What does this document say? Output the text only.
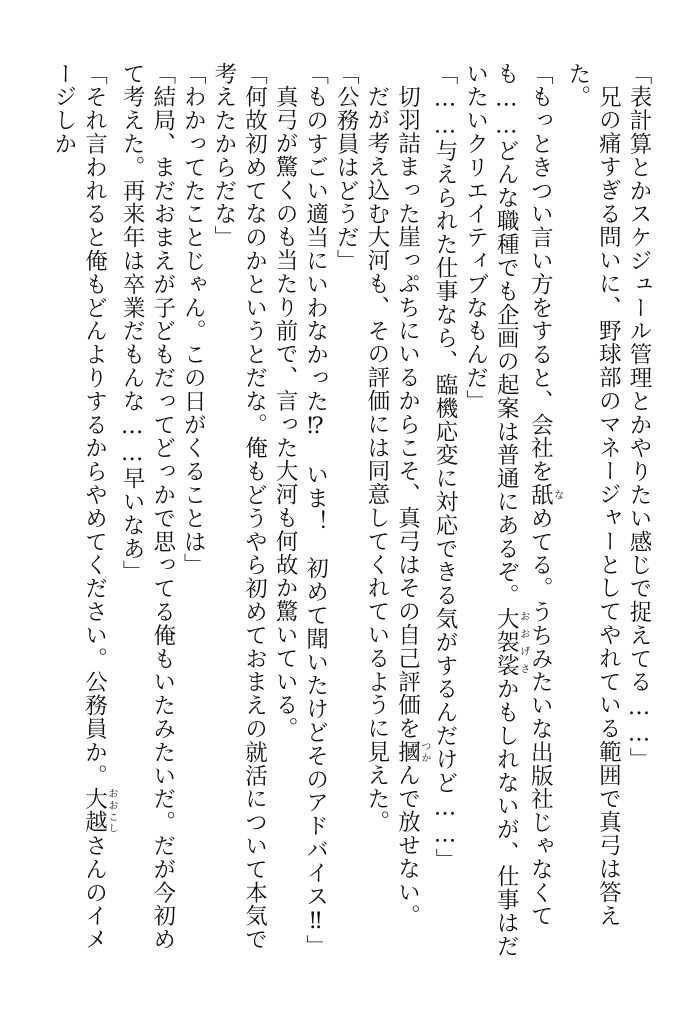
「表計算とかスケジュール管理とかやりたい感じで捉えてる……」

兄の痛すぎる問いに、野球部のマネージャーとしてやれている範囲で真弓は答えた。

「もっときつい言い方をすると、会社を舐なめてる。うちみたいな出版社じゃなくても……どんな職種でも企画の起案は普通にあるぞ。大袈裟おおげさかもしれないが、仕事はだいたいクリエイティブなもんだ」

「……与えられた仕事なら、臨機応変に対応できる気がするんだけど……」

切羽詰まった崖っぷちにいるからこそ、真弓はその自己評価を摑つかんで放せない。

だが考え込む大河も、その評価には同意してくれているように見えた。

「公務員はどうだ」

「ものすごい適当にいわなかった⁉　いま！　初めて聞いたけどそのアドバイス‼」

真弓が驚くのも当たり前で、言った大河も何故か驚いている。

「何故初めてなのかというとだな。俺もどうやら初めておまえの就活について本気で考えたからだな」

「わかってたことじゃん。この日がくることは」

「結局、まだおまえが子どもだってどっかで思ってる俺もいたみたいだ。だが今初めて考えた。再来年は卒業だもんな……早いなあ」

「それ言われると俺もどんよりするからやめてください。公務員か。大越おおこしさんのイメージしか
